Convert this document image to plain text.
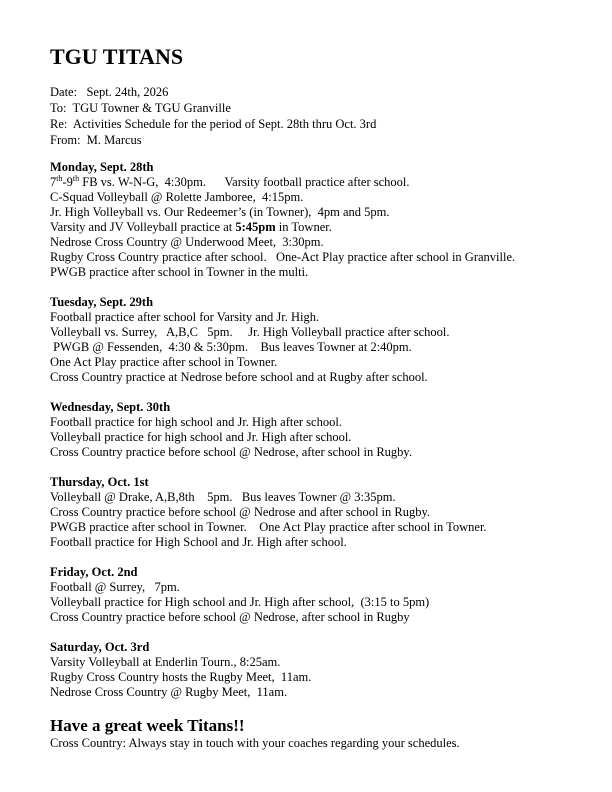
TGU TITANS
Date:   Sept. 24th, 2026
To:  TGU Towner & TGU Granville
Re:  Activities Schedule for the period of Sept. 28th thru Oct. 3rd
From:  M. Marcus
Monday, Sept. 28th
7th-9th FB vs. W-N-G,  4:30pm.      Varsity football practice after school.
C-Squad Volleyball @ Rolette Jamboree,  4:15pm.
Jr. High Volleyball vs. Our Redeemer’s (in Towner),  4pm and 5pm.
Varsity and JV Volleyball practice at 5:45pm in Towner.
Nedrose Cross Country @ Underwood Meet,  3:30pm.
Rugby Cross Country practice after school.   One-Act Play practice after school in Granville.
PWGB practice after school in Towner in the multi.
Tuesday, Sept. 29th
Football practice after school for Varsity and Jr. High.
Volleyball vs. Surrey,   A,B,C   5pm.     Jr. High Volleyball practice after school.
PWGB @ Fessenden,  4:30 & 5:30pm.    Bus leaves Towner at 2:40pm.
One Act Play practice after school in Towner.
Cross Country practice at Nedrose before school and at Rugby after school.
Wednesday, Sept. 30th
Football practice for high school and Jr. High after school.
Volleyball practice for high school and Jr. High after school.
Cross Country practice before school @ Nedrose, after school in Rugby.
Thursday, Oct. 1st
Volleyball @ Drake, A,B,8th    5pm.   Bus leaves Towner @ 3:35pm.
Cross Country practice before school @ Nedrose and after school in Rugby.
PWGB practice after school in Towner.    One Act Play practice after school in Towner.
Football practice for High School and Jr. High after school.
Friday, Oct. 2nd
Football @ Surrey,   7pm.
Volleyball practice for High school and Jr. High after school,  (3:15 to 5pm)
Cross Country practice before school @ Nedrose, after school in Rugby
Saturday, Oct. 3rd
Varsity Volleyball at Enderlin Tourn., 8:25am.
Rugby Cross Country hosts the Rugby Meet,  11am.
Nedrose Cross Country @ Rugby Meet,  11am.
Have a great week Titans!!
Cross Country: Always stay in touch with your coaches regarding your schedules.
